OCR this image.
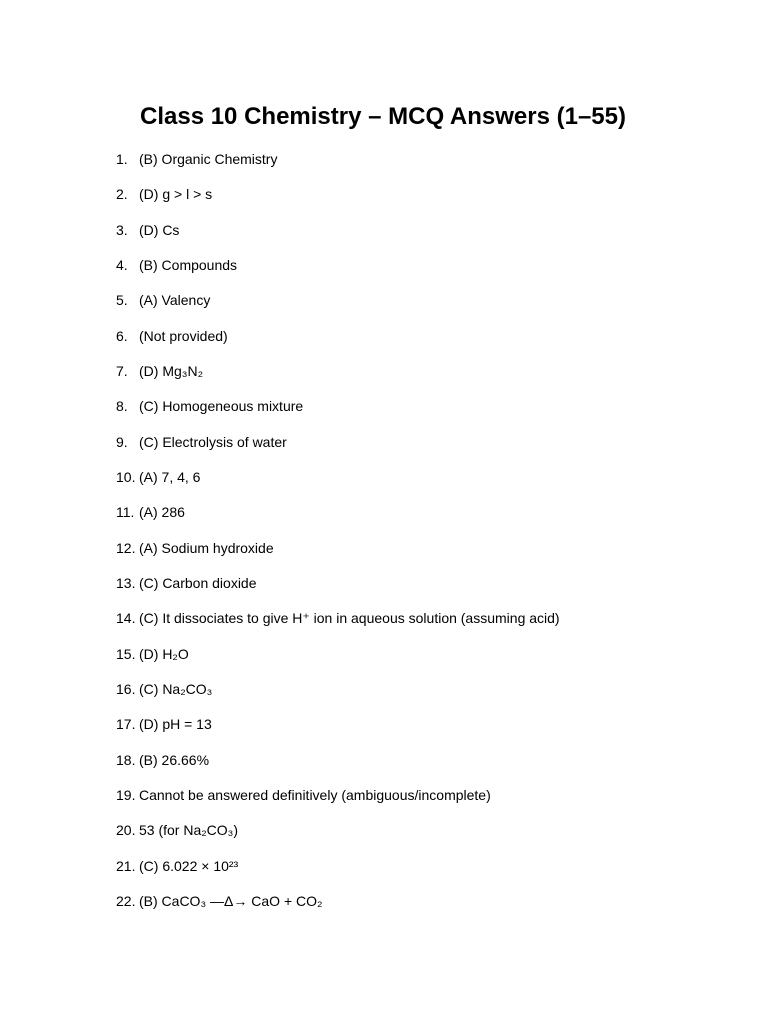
Class 10 Chemistry – MCQ Answers (1–55)
1. (B) Organic Chemistry
2. (D) g > l > s
3. (D) Cs
4. (B) Compounds
5. (A) Valency
6. (Not provided)
7. (D) Mg₃N₂
8. (C) Homogeneous mixture
9. (C) Electrolysis of water
10. (A) 7, 4, 6
11. (A) 286
12. (A) Sodium hydroxide
13. (C) Carbon dioxide
14. (C) It dissociates to give H⁺ ion in aqueous solution (assuming acid)
15. (D) H₂O
16. (C) Na₂CO₃
17. (D) pH = 13
18. (B) 26.66%
19. Cannot be answered definitively (ambiguous/incomplete)
20. 53 (for Na₂CO₃)
21. (C) 6.022 × 10²³
22. (B) CaCO₃ —Δ→ CaO + CO₂
